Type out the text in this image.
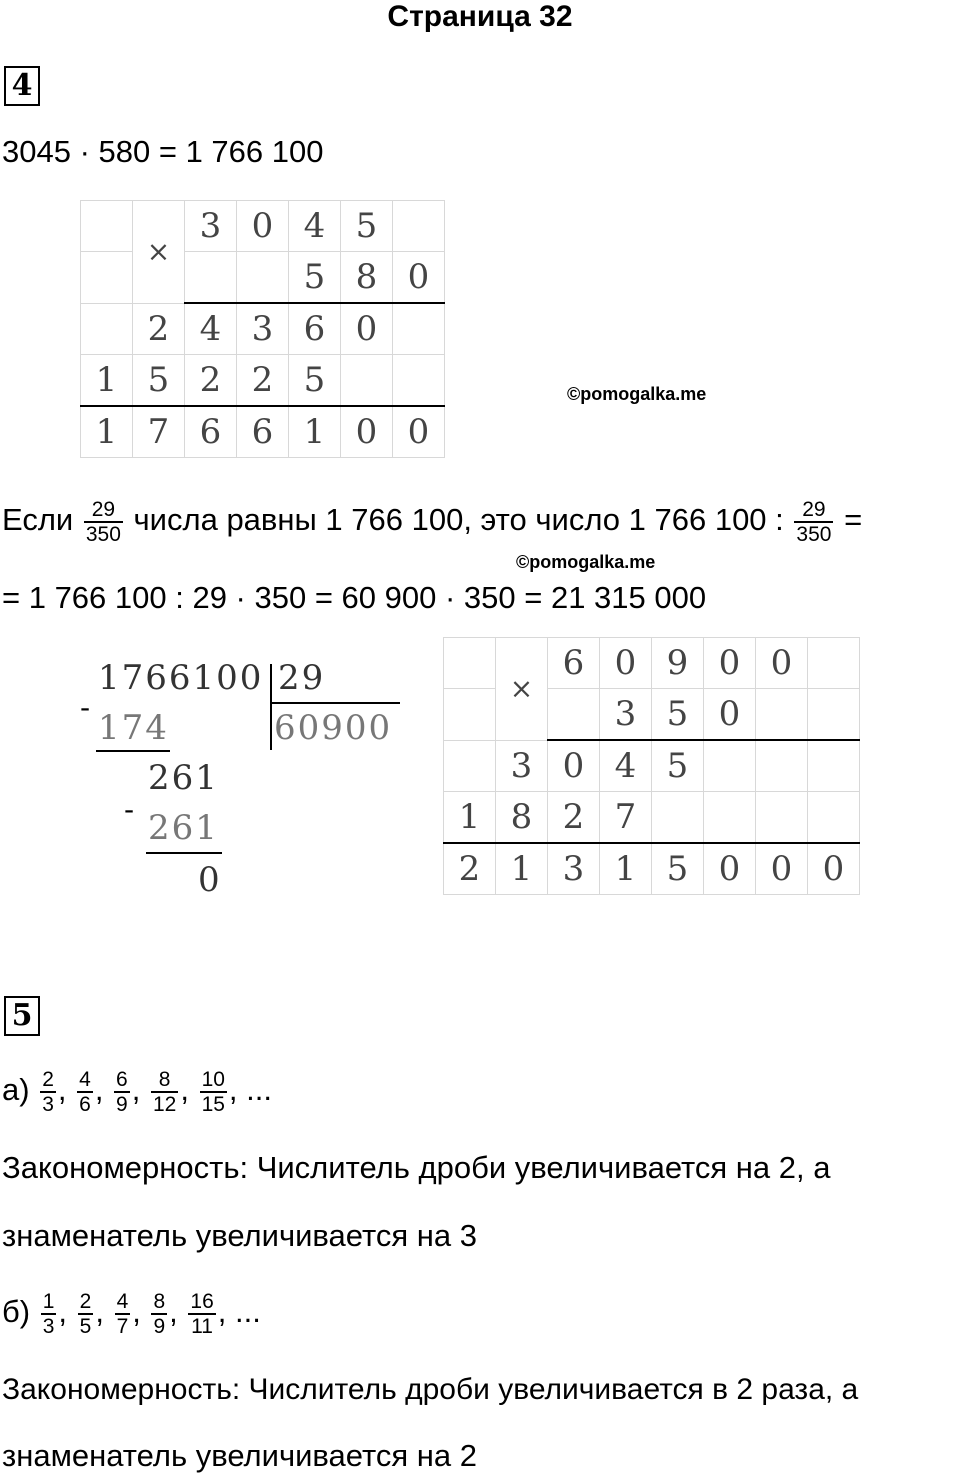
Страница 32
4
3045 · 580 = 1 766 100
	×	3	0	4	5	
				5	8	0
	2	4	3	6	0	
1	5	2	2	5		
1	7	6	6	1	0	0
©pomogalka.me
Если $\frac{29}{350}$ числа равны 1 766 100, это число 1 766 100 : $\frac{29}{350}$ =
©pomogalka.me
= 1 766 100 : 29 · 350 = 60 900 · 350 = 21 315 000
1766100 29
60900
-
174
261
- 261
0
	×	6	0	9	0	0	
			3	5	0		
	3	0	4	5			
1	8	2	7				
2	1	3	1	5	0	0	0
5
$а) \frac{2}{3}$ , $\frac{4}{6}$ , $\frac{6}{9}$ , $\frac{8}{12}$ , $\frac{10}{15}$ , ...
Закономерность: Числитель дроби увеличивается на 2, а
знаменатель увеличивается на 3
$б) \frac{1}{3}$ , $\frac{2}{5}$ , $\frac{4}{7}$ , $\frac{8}{9}$ , $\frac{16}{11}$ , ...
Закономерность: Числитель дроби увеличивается в 2 раза, а
знаменатель увеличивается на 2
